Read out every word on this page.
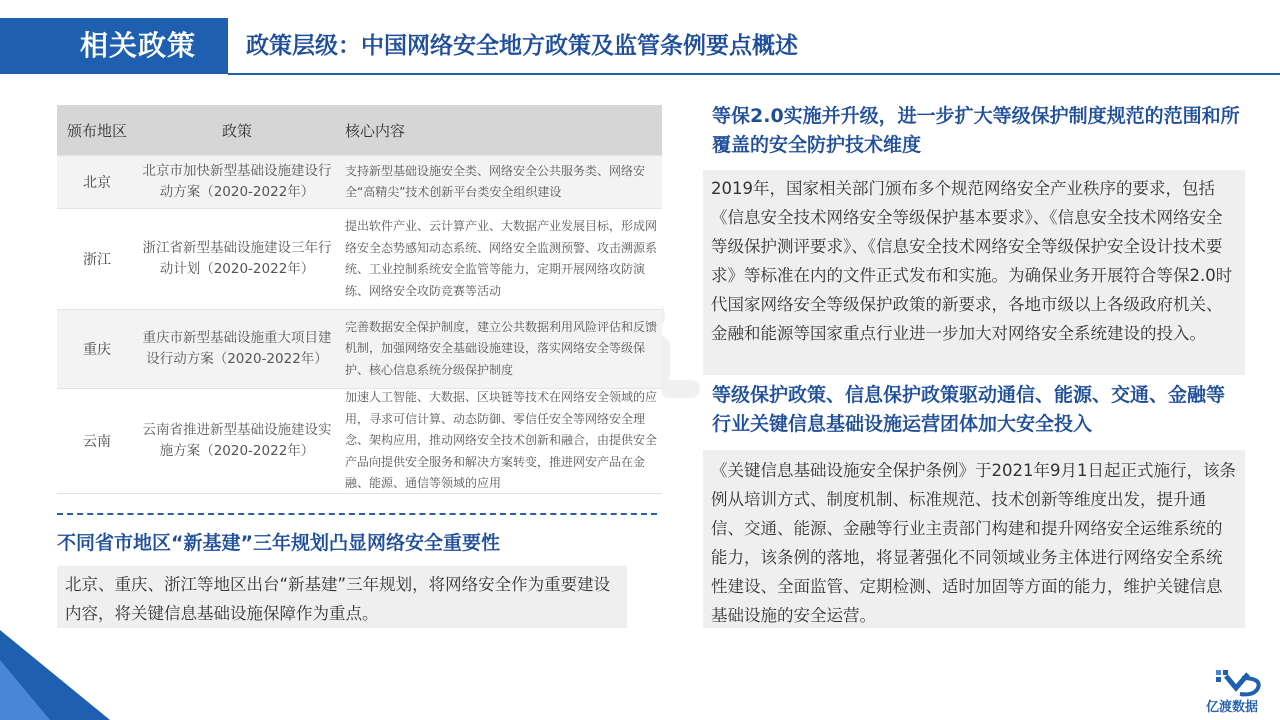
相关政策 政策层级：中国网络安全地方政策及监管条例要点概述
颁布地区	政策	核心内容
北京
北京市加快新型基础设施建设行动方案（2020-2022年）
支持新型基础设施安全类、网络安全公共服务类、网络安全“高精尖”技术创新平台类安全组织建设
浙江
浙江省新型基础设施建设三年行动计划（2020-2022年）
提出软件产业、云计算产业、大数据产业发展目标，形成网络安全态势感知动态系统、网络安全监测预警、攻击溯源系统、工业控制系统安全监管等能力，定期开展网络攻防演练、网络安全攻防竞赛等活动
重庆
重庆市新型基础设施重大项目建设行动方案（2020-2022年）
完善数据安全保护制度，建立公共数据利用风险评估和反馈机制，加强网络安全基础设施建设，落实网络安全等级保护、核心信息系统分级保护制度
云南
云南省推进新型基础设施建设实施方案（2020-2022年）
加速人工智能、大数据、区块链等技术在网络安全领域的应用，寻求可信计算、动态防御、零信任安全等网络安全理念、架构应用，推动网络安全技术创新和融合，由提供安全产品向提供安全服务和解决方案转变，推进网安产品在金融、能源、通信等领域的应用
不同省市地区“新基建”三年规划凸显网络安全重要性
北京、重庆、浙江等地区出台“新基建”三年规划，将网络安全作为重要建设内容，将关键信息基础设施保障作为重点。
等保2.0实施并升级，进一步扩大等级保护制度规范的范围和所覆盖的安全防护技术维度
2019年，国家相关部门颁布多个规范网络安全产业秩序的要求，包括《信息安全技术网络安全等级保护基本要求》、《信息安全技术网络安全等级保护测评要求》、《信息安全技术网络安全等级保护安全设计技术要求》等标准在内的文件正式发布和实施。为确保业务开展符合等保2.0时代国家网络安全等级保护政策的新要求，各地市级以上各级政府机关、金融和能源等国家重点行业进一步加大对网络安全系统建设的投入。
等级保护政策、信息保护政策驱动通信、能源、交通、金融等行业关键信息基础设施运营团体加大安全投入
《关键信息基础设施安全保护条例》于2021年9月1日起正式施行，该条例从培训方式、制度机制、标准规范、技术创新等维度出发，提升通信、交通、能源、金融等行业主责部门构建和提升网络安全运维系统的能力，该条例的落地，将显著强化不同领域业务主体进行网络安全系统性建设、全面监管、定期检测、适时加固等方面的能力，维护关键信息基础设施的安全运营。
亿渡数据
